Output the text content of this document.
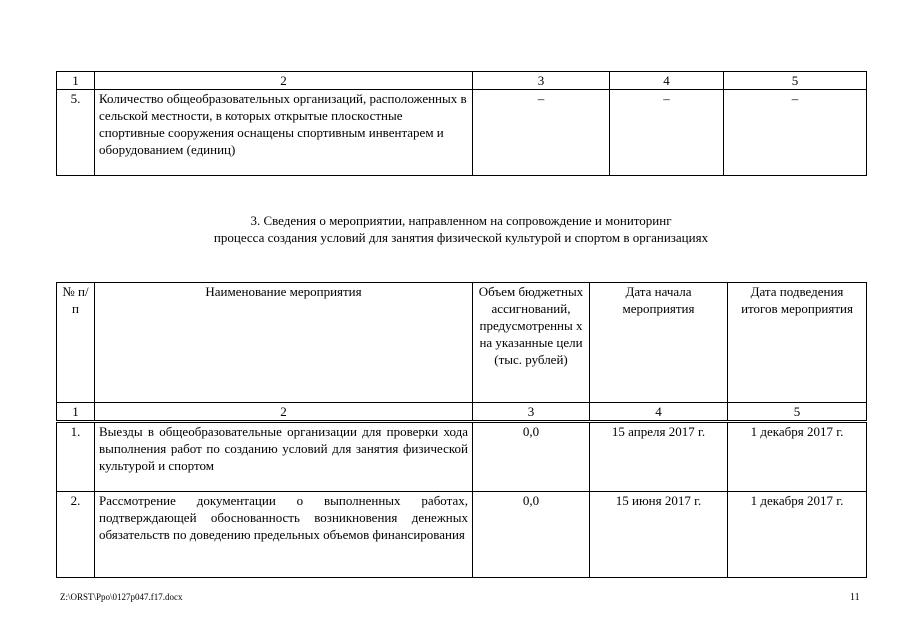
1	2	3	4	5
5.	Количество общеобразовательных организаций, расположенных в сельской местности, в которых открытые плоскостные спортивные сооружения оснащены спортивным инвентарем и оборудованием (единиц)	–	–	–
3. Сведения о мероприятии, направленном на сопровождение и мониторинг
процесса создания условий для занятия физической культурой и спортом в организациях
№ п/п	Наименование мероприятия	Объем бюджетных ассигнований, предусмотренны х на указанные цели (тыс. рублей)	Дата начала мероприятия	Дата подведения итогов мероприятия
1	2	3	4	5
1.	Выезды в общеобразовательные организации для проверки хода выполнения работ по созданию условий для занятия физической культурой и спортом	0,0	15 апреля 2017 г.	1 декабря 2017 г.
2.	Рассмотрение документации о выполненных работах, подтверждающей обоснованность возникновения денежных обязательств по доведению предельных объемов финансирования	0,0	15 июня 2017 г.	1 декабря 2017 г.
Z:\ORST\Ppo\0127p047.f17.docx	11
